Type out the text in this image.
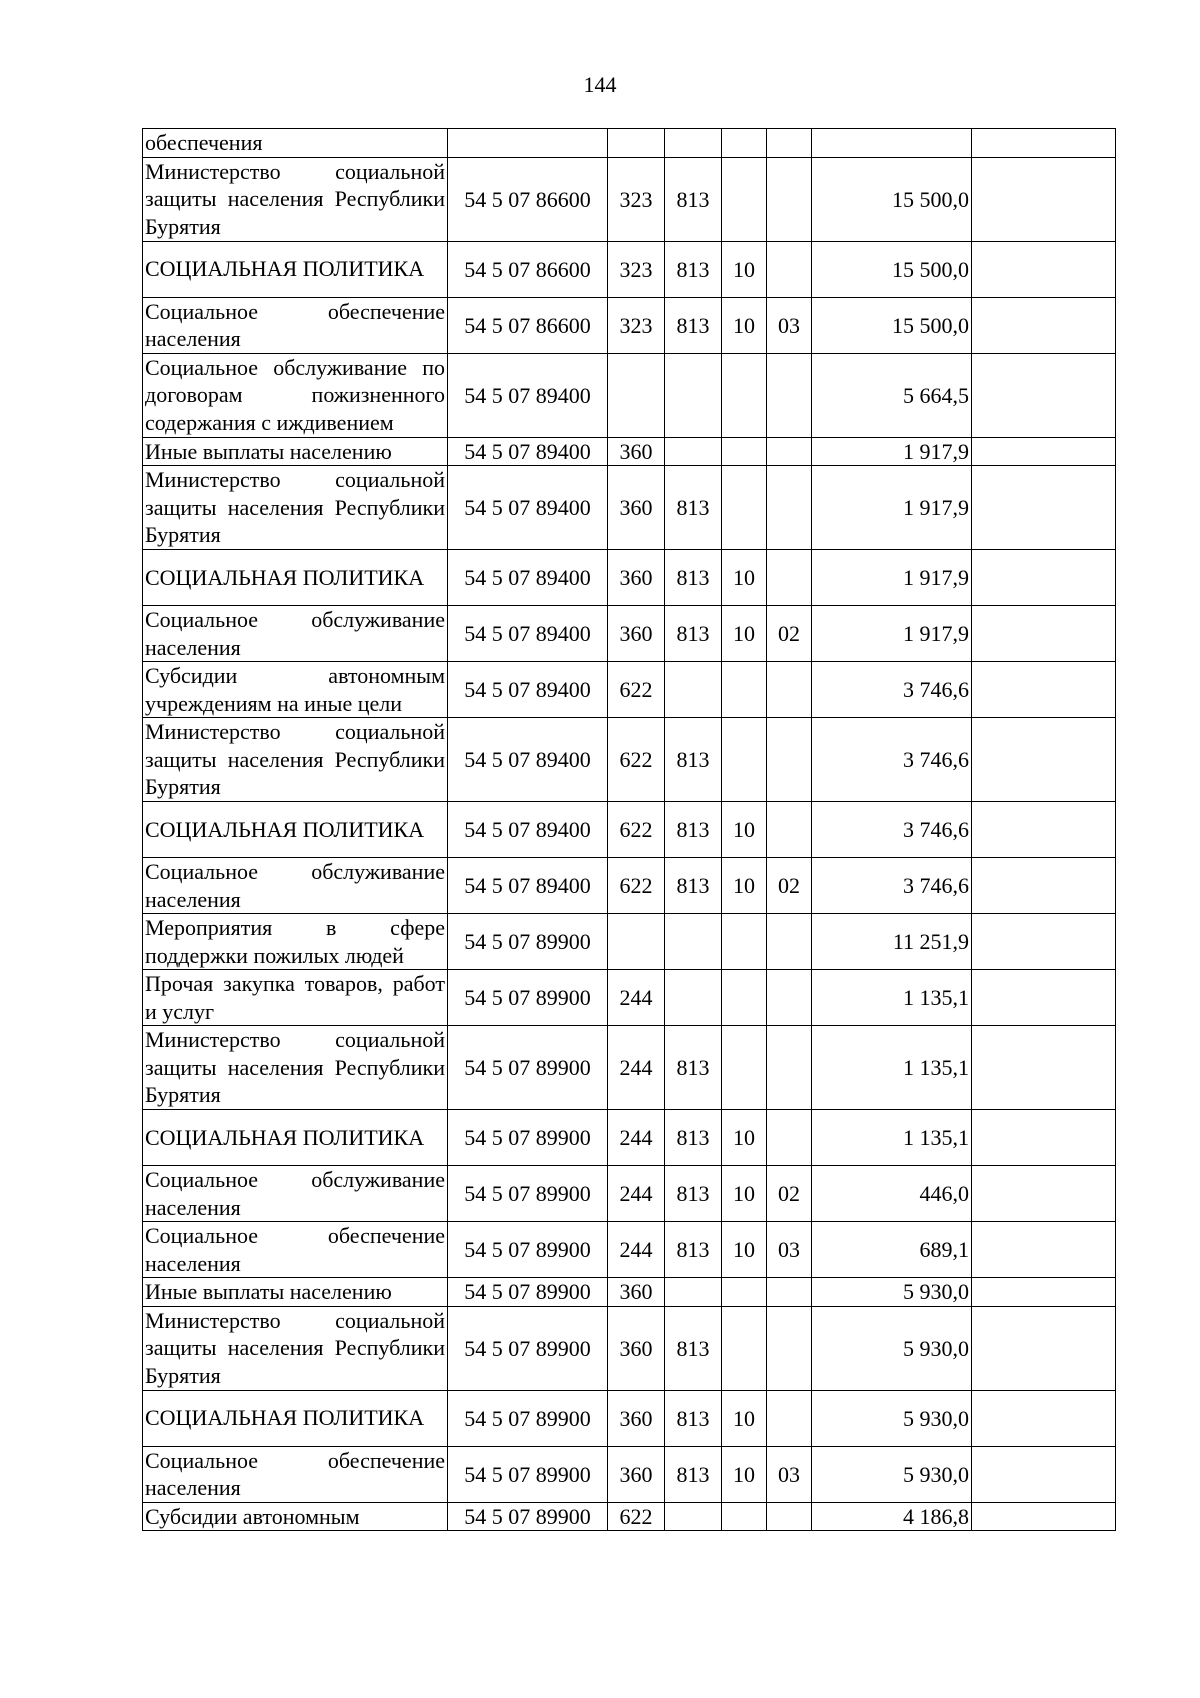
144
обеспечения							
Министерство социальной защиты населения Республики Бурятия	54 5 07 86600	323	813			15 500,0	
СОЦИАЛЬНАЯ ПОЛИТИКА	54 5 07 86600	323	813	10		15 500,0	
Социальное обеспечение населения	54 5 07 86600	323	813	10	03	15 500,0	
Социальное обслуживание по договорам пожизненного содержания с иждивением	54 5 07 89400					5 664,5	
Иные выплаты населению	54 5 07 89400	360				1 917,9	
Министерство социальной защиты населения Республики Бурятия	54 5 07 89400	360	813			1 917,9	
СОЦИАЛЬНАЯ ПОЛИТИКА	54 5 07 89400	360	813	10		1 917,9	
Социальное обслуживание населения	54 5 07 89400	360	813	10	02	1 917,9	
Субсидии автономным учреждениям на иные цели	54 5 07 89400	622				3 746,6	
Министерство социальной защиты населения Республики Бурятия	54 5 07 89400	622	813			3 746,6	
СОЦИАЛЬНАЯ ПОЛИТИКА	54 5 07 89400	622	813	10		3 746,6	
Социальное обслуживание населения	54 5 07 89400	622	813	10	02	3 746,6	
Мероприятия в сфере поддержки пожилых людей	54 5 07 89900					11 251,9	
Прочая закупка товаров, работ и услуг	54 5 07 89900	244				1 135,1	
Министерство социальной защиты населения Республики Бурятия	54 5 07 89900	244	813			1 135,1	
СОЦИАЛЬНАЯ ПОЛИТИКА	54 5 07 89900	244	813	10		1 135,1	
Социальное обслуживание населения	54 5 07 89900	244	813	10	02	446,0	
Социальное обеспечение населения	54 5 07 89900	244	813	10	03	689,1	
Иные выплаты населению	54 5 07 89900	360				5 930,0	
Министерство социальной защиты населения Республики Бурятия	54 5 07 89900	360	813			5 930,0	
СОЦИАЛЬНАЯ ПОЛИТИКА	54 5 07 89900	360	813	10		5 930,0	
Социальное обеспечение населения	54 5 07 89900	360	813	10	03	5 930,0	
Субсидии автономным	54 5 07 89900	622				4 186,8	
